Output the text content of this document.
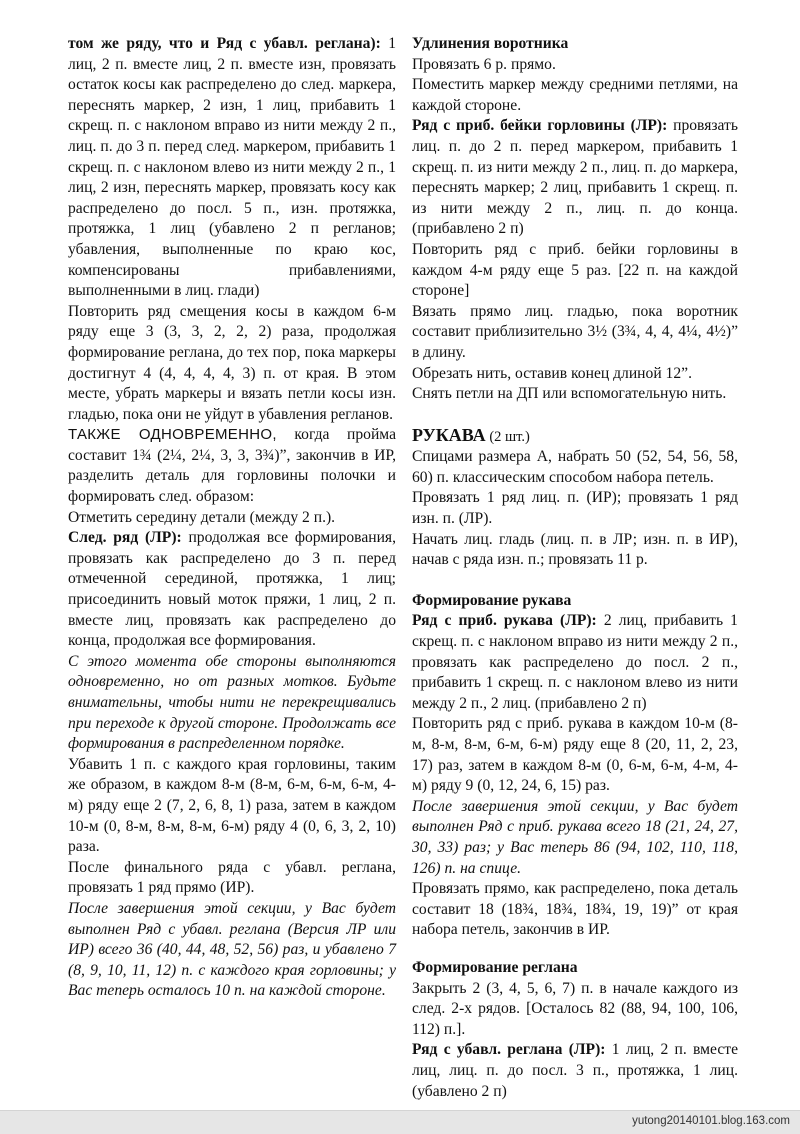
том же ряду, что и Ряд с убавл. реглана): 1 лиц, 2 п. вместе лиц, 2 п. вместе изн, провязать остаток косы как распределено до след. маркера, переснять маркер, 2 изн, 1 лиц, прибавить 1 скрещ. п. с наклоном вправо из нити между 2 п., лиц. п. до 3 п. перед след. маркером, прибавить 1 скрещ. п. с наклоном влево из нити между 2 п., 1 лиц, 2 изн, переснять маркер, провязать косу как распределено до посл. 5 п., изн. протяжка, протяжка, 1 лиц (убавлено 2 п регланов; убавления, выполненные по краю кос, компенсированы прибавлениями, выполненными в лиц. глади)

Повторить ряд смещения косы в каждом 6-м ряду еще 3 (3, 3, 2, 2, 2) раза, продолжая формирование реглана, до тех пор, пока маркеры достигнут 4 (4, 4, 4, 4, 3) п. от края. В этом месте, убрать маркеры и вязать петли косы изн. гладью, пока они не уйдут в убавления регланов.

ТАКЖЕ ОДНОВРЕМЕННО, когда пройма составит 1¾ (2¼, 2¼, 3, 3, 3¾)”, закончив в ИР, разделить деталь для горловины полочки и формировать след. образом:

Отметить середину детали (между 2 п.).

След. ряд (ЛР): продолжая все формирования, провязать как распределено до 3 п. перед отмеченной серединой, протяжка, 1 лиц; присоединить новый моток пряжи, 1 лиц, 2 п. вместе лиц, провязать как распределено до конца, продолжая все формирования.

С этого момента обе стороны выполняются одновременно, но от разных мотков. Будьте внимательны, чтобы нити не перекрещивались при переходе к другой стороне. Продолжать все формирования в распределенном порядке.

Убавить 1 п. с каждого края горловины, таким же образом, в каждом 8-м (8-м, 6-м, 6-м, 6-м, 4-м) ряду еще 2 (7, 2, 6, 8, 1) раза, затем в каждом 10-м (0, 8-м, 8-м, 8-м, 6-м) ряду 4 (0, 6, 3, 2, 10) раза.

После финального ряда с убавл. реглана, провязать 1 ряд прямо (ИР).

После завершения этой секции, у Вас будет выполнен Ряд с убавл. реглана (Версия ЛР или ИР) всего 36 (40, 44, 48, 52, 56) раз, и убавлено 7 (8, 9, 10, 11, 12) п. с каждого края горловины; у Вас теперь осталось 10 п. на каждой стороне.

Удлинения воротника

Провязать 6 р. прямо.

Поместить маркер между средними петлями, на каждой стороне.

Ряд с приб. бейки горловины (ЛР): провязать лиц. п. до 2 п. перед маркером, прибавить 1 скрещ. п. из нити между 2 п., лиц. п. до маркера, переснять маркер; 2 лиц, прибавить 1 скрещ. п. из нити между 2 п., лиц. п. до конца. (прибавлено 2 п)

Повторить ряд с приб. бейки горловины в каждом 4-м ряду еще 5 раз. [22 п. на каждой стороне]

Вязать прямо лиц. гладью, пока воротник составит приблизительно 3½ (3¾, 4, 4, 4¼, 4½)” в длину.

Обрезать нить, оставив конец длиной 12”.

Снять петли на ДП или вспомогательную нить.

РУКАВА (2 шт.)

Спицами размера А, набрать 50 (52, 54, 56, 58, 60) п. классическим способом набора петель.

Провязать 1 ряд лиц. п. (ИР); провязать 1 ряд изн. п. (ЛР).

Начать лиц. гладь (лиц. п. в ЛР; изн. п. в ИР), начав с ряда изн. п.; провязать 11 р.

Формирование рукава

Ряд с приб. рукава (ЛР): 2 лиц, прибавить 1 скрещ. п. с наклоном вправо из нити между 2 п., провязать как распределено до посл. 2 п., прибавить 1 скрещ. п. с наклоном влево из нити между 2 п., 2 лиц. (прибавлено 2 п)

Повторить ряд с приб. рукава в каждом 10-м (8-м, 8-м, 8-м, 6-м, 6-м) ряду еще 8 (20, 11, 2, 23, 17) раз, затем в каждом 8-м (0, 6-м, 6-м, 4-м, 4-м) ряду 9 (0, 12, 24, 6, 15) раз.

После завершения этой секции, у Вас будет выполнен Ряд с приб. рукава всего 18 (21, 24, 27, 30, 33) раз; у Вас теперь 86 (94, 102, 110, 118, 126) п. на спице.

Провязать прямо, как распределено, пока деталь составит 18 (18¾, 18¾, 18¾, 19, 19)” от края набора петель, закончив в ИР.

Формирование реглана

Закрыть 2 (3, 4, 5, 6, 7) п. в начале каждого из след. 2-х рядов. [Осталось 82 (88, 94, 100, 106, 112) п.].

Ряд с убавл. реглана (ЛР): 1 лиц, 2 п. вместе лиц, лиц. п. до посл. 3 п., протяжка, 1 лиц. (убавлено 2 п)

yutong20140101.blog.163.com
